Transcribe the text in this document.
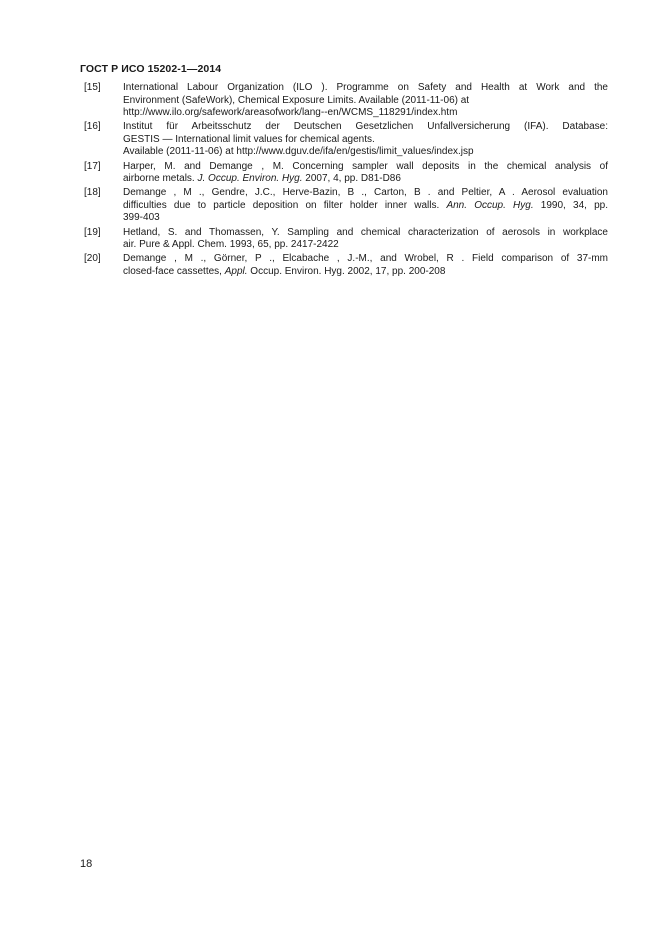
ГОСТ Р ИСО 15202-1—2014
[15]	International Labour Organization (ILO ). Programme on Safety and Health at Work and the
Environment (SafeWork), Chemical Exposure Limits. Available (2011-11-06) at
http://www.ilo.org/safework/areasofwork/lang--en/WCMS_118291/index.htm
[16]	Institut für Arbeitsschutz der Deutschen Gesetzlichen Unfallversicherung (IFA). Database:
GESTIS — International limit values for chemical agents.
Available (2011-11-06) at http://www.dguv.de/ifa/en/gestis/limit_values/index.jsp
[17]	Harper, M. and Demange , M. Concerning sampler wall deposits in the chemical analysis of
airborne metals. J. Occup. Environ. Hyg. 2007, 4, pp. D81-D86
[18]	Demange , M ., Gendre, J.C., Herve-Bazin, B ., Carton, B . and Peltier, A . Aerosol evaluation
difficulties due to particle deposition on filter holder inner walls. Ann. Occup. Hyg. 1990, 34, pp.
399-403
[19]	Hetland, S. and Thomassen, Y. Sampling and chemical characterization of aerosols in workplace
air. Pure & Appl. Chem. 1993, 65, pp. 2417-2422
[20]	Demange , M ., Görner, P ., Elcabache , J.-M., and Wrobel, R . Field comparison of 37-mm
closed-face cassettes, Appl. Occup. Environ. Hyg. 2002, 17, pp. 200-208
18
